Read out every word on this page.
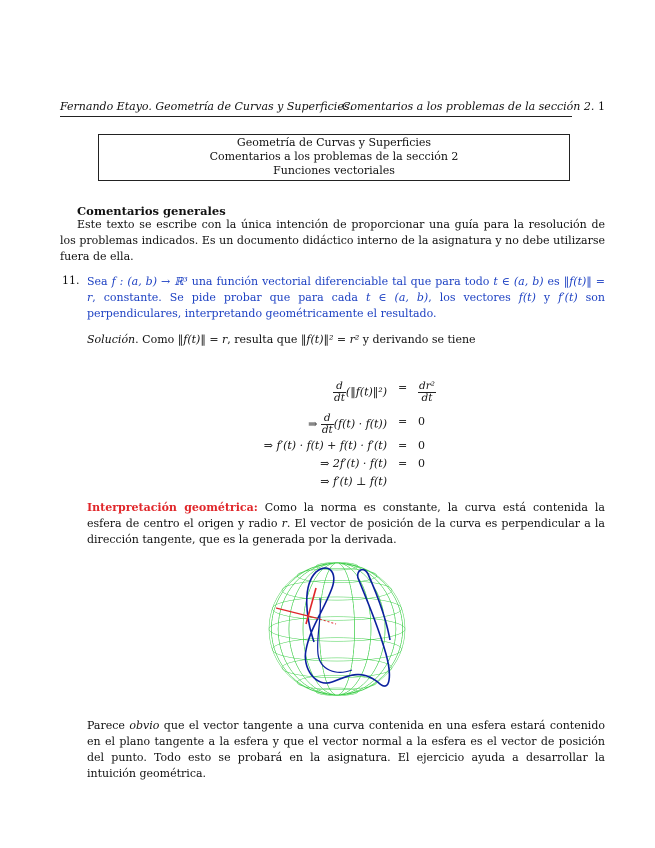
Fernando Etayo. Geometría de Curvas y Superficies.
Comentarios a los problemas de la sección 2. 1
Geometría de Curvas y Superficies
Comentarios a los problemas de la sección 2
Funciones vectoriales
Comentarios generales
Este texto se escribe con la única intención de proporcionar una guía para la resolución de los problemas indicados. Es un documento didáctico interno de la asignatura y no debe utilizarse fuera de ella.
11. Sea f : (a, b) → ℝ³ una función vectorial diferenciable tal que para todo t ∈ (a, b) es ‖f(t)‖ = r, constante. Se pide probar que para cada t ∈ (a, b), los vectores f(t) y f′(t) son perpendiculares, interpretando geométricamente el resultado.
Solución. Como ‖f(t)‖ = r, resulta que ‖f(t)‖² = r² y derivando se tiene
$\frac{d}{dt}$ (‖f(t)‖²) = $\frac{\text{dr²}}{dt}$
⇒ $\frac{d}{dt} (f(t) \cdot f(t)) = 0$
⇒ f′(t) · f(t) + f(t) · f′(t) = 0
⇒ 2f′(t) · f(t) = 0
⇒ f′(t) ⊥ f(t)
Interpretación geométrica: Como la norma es constante, la curva está contenida la esfera de centro el origen y radio r. El vector de posición de la curva es perpendicular a la dirección tangente, que es la generada por la derivada.
Parece obvio que el vector tangente a una curva contenida en una esfera estará contenido en el plano tangente a la esfera y que el vector normal a la esfera es el vector de posición del punto. Todo esto se probará en la asignatura. El ejercicio ayuda a desarrollar la intuición geométrica.
